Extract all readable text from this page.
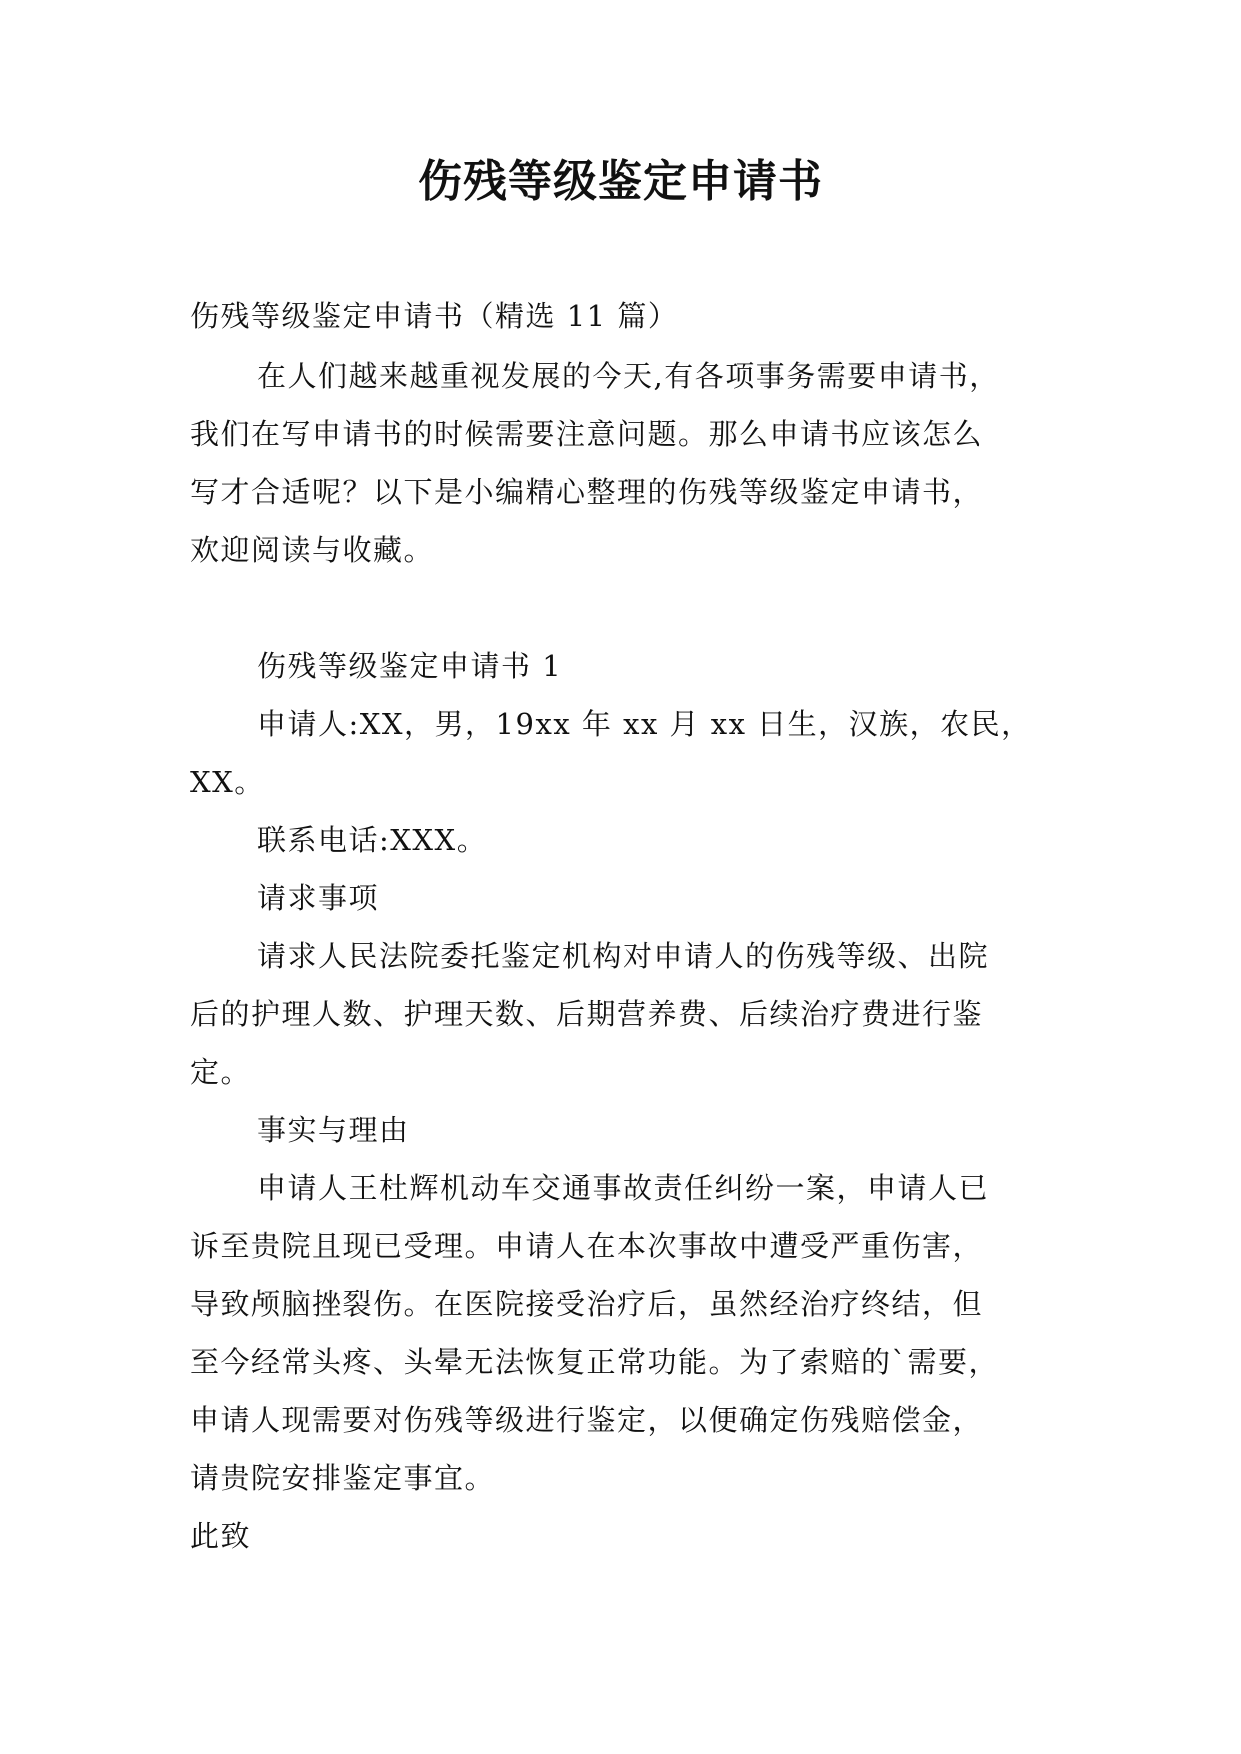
伤残等级鉴定申请书
伤残等级鉴定申请书（精选 11 篇）
在人们越来越重视发展的今天,有各项事务需要申请书，
我们在写申请书的时候需要注意问题。那么申请书应该怎么
写才合适呢？以下是小编精心整理的伤残等级鉴定申请书，
欢迎阅读与收藏。
伤残等级鉴定申请书 1
申请人:XX，男，19xx 年 xx 月 xx 日生，汉族，农民，
XX。
联系电话:XXX。
请求事项
请求人民法院委托鉴定机构对申请人的伤残等级、出院
后的护理人数、护理天数、后期营养费、后续治疗费进行鉴
定。
事实与理由
申请人王杜辉机动车交通事故责任纠纷一案，申请人已
诉至贵院且现已受理。申请人在本次事故中遭受严重伤害，
导致颅脑挫裂伤。在医院接受治疗后，虽然经治疗终结，但
至今经常头疼、头晕无法恢复正常功能。为了索赔的`需要，
申请人现需要对伤残等级进行鉴定，以便确定伤残赔偿金，
请贵院安排鉴定事宜。
此致
